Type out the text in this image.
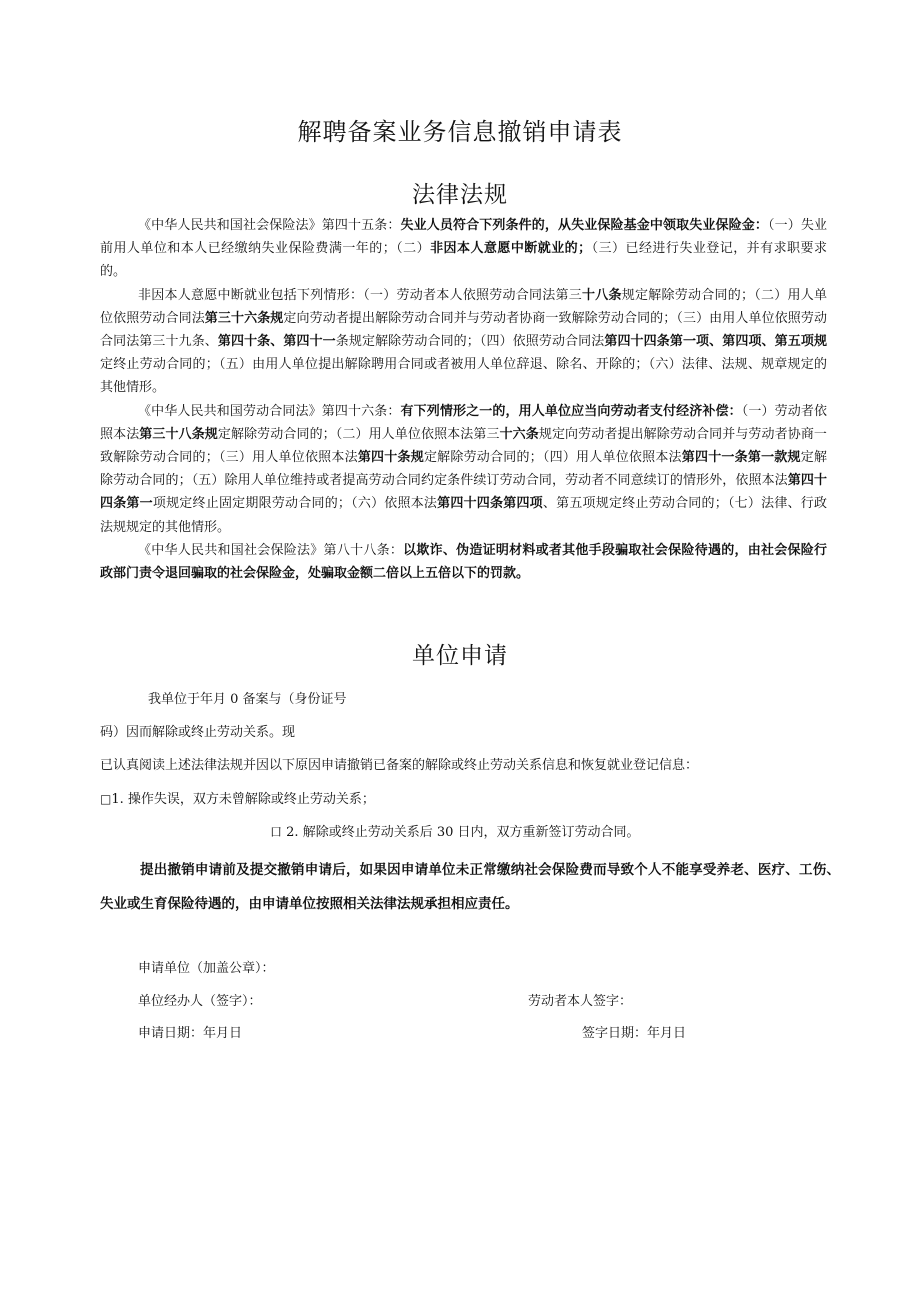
解聘备案业务信息撤销申请表
法律法规

《中华人民共和国社会保险法》第四十五条：失业人员符合下列条件的，从失业保险基金中领取失业保险金：（一）失业前用人单位和本人已经缴纳失业保险费满一年的；（二）非因本人意愿中断就业的；（三）已经进行失业登记，并有求职要求的。

非因本人意愿中断就业包括下列情形：（一）劳动者本人依照劳动合同法第三十八条规定解除劳动合同的；（二）用人单位依照劳动合同法第三十六条规定向劳动者提出解除劳动合同并与劳动者协商一致解除劳动合同的；（三）由用人单位依照劳动合同法第三十九条、第四十条、第四十一条规定解除劳动合同的；（四）依照劳动合同法第四十四条第一项、第四项、第五项规定终止劳动合同的；（五）由用人单位提出解除聘用合同或者被用人单位辞退、除名、开除的；（六）法律、法规、规章规定的其他情形。

《中华人民共和国劳动合同法》第四十六条：有下列情形之一的，用人单位应当向劳动者支付经济补偿：（一）劳动者依照本法第三十八条规定解除劳动合同的；（二）用人单位依照本法第三十六条规定向劳动者提出解除劳动合同并与劳动者协商一致解除劳动合同的；（三）用人单位依照本法第四十条规定解除劳动合同的；（四）用人单位依照本法第四十一条第一款规定解除劳动合同的；（五）除用人单位维持或者提高劳动合同约定条件续订劳动合同，劳动者不同意续订的情形外，依照本法第四十四条第一项规定终止固定期限劳动合同的；（六）依照本法第四十四条第四项、第五项规定终止劳动合同的；（七）法律、行政法规规定的其他情形。

《中华人民共和国社会保险法》第八十八条：以欺诈、伪造证明材料或者其他手段骗取社会保险待遇的，由社会保险行政部门责令退回骗取的社会保险金，处骗取金额二倍以上五倍以下的罚款。

单位申请
我单位于年月 0 备案与（身份证号
码）因而解除或终止劳动关系。现
已认真阅读上述法律法规并因以下原因申请撤销已备案的解除或终止劳动关系信息和恢复就业登记信息：
□1. 操作失误，双方未曾解除或终止劳动关系；
口 2. 解除或终止劳动关系后 30 日内，双方重新签订劳动合同。
提出撤销申请前及提交撤销申请后，如果因申请单位未正常缴纳社会保险费而导致个人不能享受养老、医疗、工伤、失业或生育保险待遇的，由申请单位按照相关法律法规承担相应责任。
申请单位（加盖公章）：
单位经办人（签字）：	劳动者本人签字：
申请日期：年月日	签字日期：年月日
